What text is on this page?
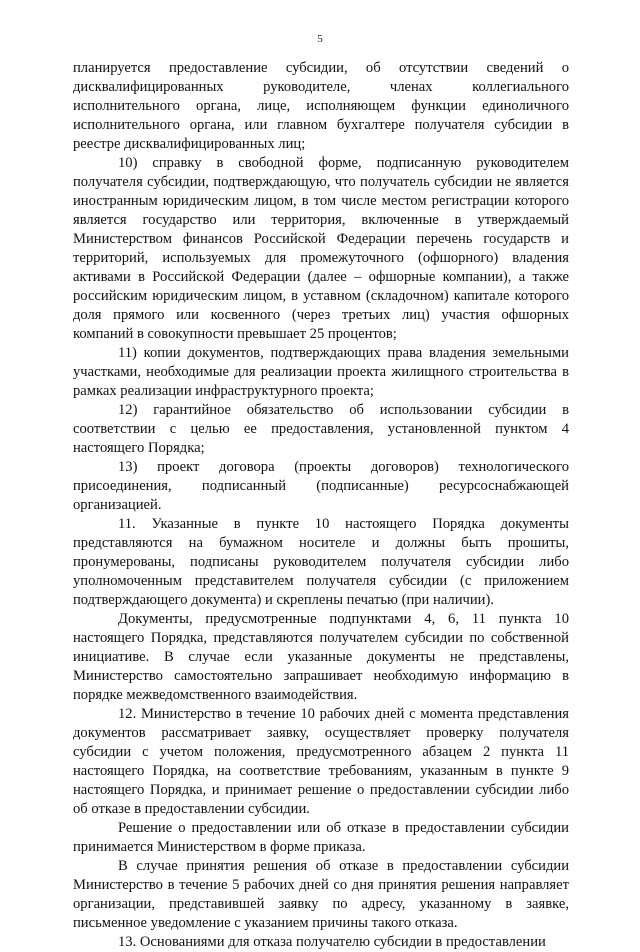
5

планируется предоставление субсидии, об отсутствии сведений о дисквалифицированных руководителе, членах коллегиального исполнительного органа, лице, исполняющем функции единоличного исполнительного органа, или главном бухгалтере получателя субсидии в реестре дисквалифицированных лиц;

10) справку в свободной форме, подписанную руководителем получателя субсидии, подтверждающую, что получатель субсидии не является иностранным юридическим лицом, в том числе местом регистрации которого является государство или территория, включенные в утверждаемый Министерством финансов Российской Федерации перечень государств и территорий, используемых для промежуточного (офшорного) владения активами в Российской Федерации (далее – офшорные компании), а также российским юридическим лицом, в уставном (складочном) капитале которого доля прямого или косвенного (через третьих лиц) участия офшорных компаний в совокупности превышает 25 процентов;

11) копии документов, подтверждающих права владения земельными участками, необходимые для реализации проекта жилищного строительства в рамках реализации инфраструктурного проекта;

12) гарантийное обязательство об использовании субсидии в соответствии с целью ее предоставления, установленной пунктом 4 настоящего Порядка;

13) проект договора (проекты договоров) технологического присоединения, подписанный (подписанные) ресурсоснабжающей организацией.

11. Указанные в пункте 10 настоящего Порядка документы представляются на бумажном носителе и должны быть прошиты, пронумерованы, подписаны руководителем получателя субсидии либо уполномоченным представителем получателя субсидии (с приложением подтверждающего документа) и скреплены печатью (при наличии).

Документы, предусмотренные подпунктами 4, 6, 11 пункта 10 настоящего Порядка, представляются получателем субсидии по собственной инициативе. В случае если указанные документы не представлены, Министерство самостоятельно запрашивает необходимую информацию в порядке межведомственного взаимодействия.

12. Министерство в течение 10 рабочих дней с момента представления документов рассматривает заявку, осуществляет проверку получателя субсидии с учетом положения, предусмотренного абзацем 2 пункта 11 настоящего Порядка, на соответствие требованиям, указанным в пункте 9 настоящего Порядка, и принимает решение о предоставлении субсидии либо об отказе в предоставлении субсидии.

Решение о предоставлении или об отказе в предоставлении субсидии принимается Министерством в форме приказа.

В случае принятия решения об отказе в предоставлении субсидии Министерство в течение 5 рабочих дней со дня принятия решения направляет организации, представившей заявку по адресу, указанному в заявке, письменное уведомление с указанием причины такого отказа.

13. Основаниями для отказа получателю субсидии в предоставлении
